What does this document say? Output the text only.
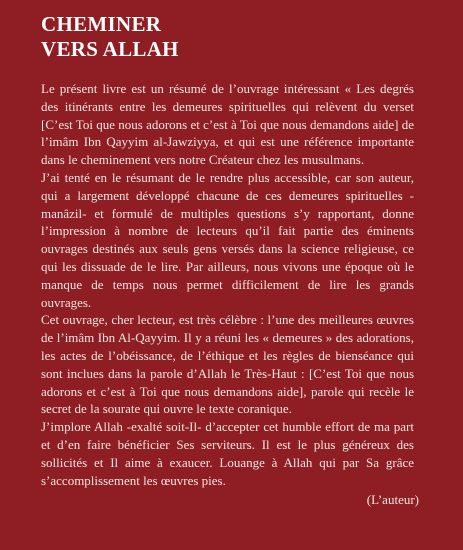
CHEMINER
VERS ALLAH

Le présent livre est un résumé de l’ouvrage intéressant « Les degrés des itinérants entre les demeures spirituelles qui relèvent du verset [C’est Toi que nous adorons et c’est à Toi que nous demandons aide] de l’imâm Ibn Qayyim al-Jawziyya, et qui est une référence importante dans le cheminement vers notre Créateur chez les musulmans.

J’ai tenté en le résumant de le rendre plus accessible, car son auteur, qui a largement développé chacune de ces demeures spirituelles -manâzil- et formulé de multiples questions s’y rapportant, donne l’impression à nombre de lecteurs qu’il fait partie des éminents ouvrages destinés aux seuls gens versés dans la science religieuse, ce qui les dissuade de le lire. Par ailleurs, nous vivons une époque où le manque de temps nous permet difficilement de lire les grands ouvrages.

Cet ouvrage, cher lecteur, est très célèbre : l’une des meilleures œuvres de l’imâm Ibn Al-Qayyim. Il y a réuni les « demeures » des adorations, les actes de l’obéissance, de l’éthique et les règles de bienséance qui sont inclues dans la parole d’Allah le Très-Haut : [C’est Toi que nous adorons et c’est à Toi que nous demandons aide], parole qui recèle le secret de la sourate qui ouvre le texte coranique.

J’implore Allah -exalté soit-Il- d’accepter cet humble effort de ma part et d’en faire bénéficier Ses serviteurs. Il est le plus généreux des sollicités et Il aime à exaucer. Louange à Allah qui par Sa grâce s’accomplissement les œuvres pies.

(L’auteur)
